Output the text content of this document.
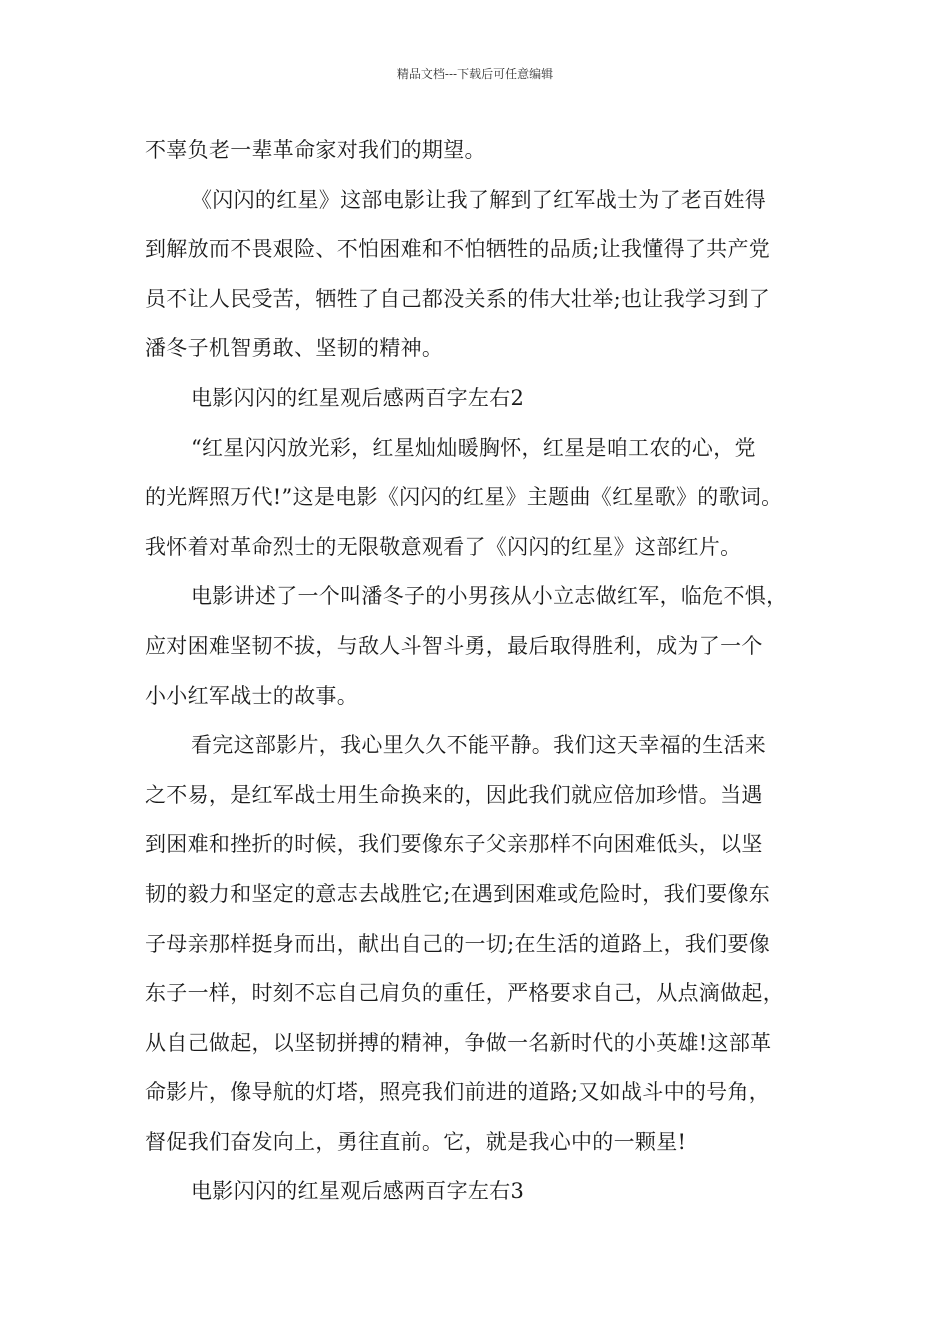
精品文档---下载后可任意编辑
不辜负老一辈革命家对我们的期望。
《闪闪的红星》这部电影让我了解到了红军战士为了老百姓得
到解放而不畏艰险、不怕困难和不怕牺牲的品质;让我懂得了共产党
员不让人民受苦，牺牲了自己都没关系的伟大壮举;也让我学习到了
潘冬子机智勇敢、坚韧的精神。
电影闪闪的红星观后感两百字左右2
“红星闪闪放光彩，红星灿灿暖胸怀，红星是咱工农的心，党
的光辉照万代!”这是电影《闪闪的红星》主题曲《红星歌》的歌词。
我怀着对革命烈士的无限敬意观看了《闪闪的红星》这部红片。
电影讲述了一个叫潘冬子的小男孩从小立志做红军，临危不惧，
应对困难坚韧不拔，与敌人斗智斗勇，最后取得胜利，成为了一个
小小红军战士的故事。
看完这部影片，我心里久久不能平静。我们这天幸福的生活来
之不易，是红军战士用生命换来的，因此我们就应倍加珍惜。当遇
到困难和挫折的时候，我们要像东子父亲那样不向困难低头，以坚
韧的毅力和坚定的意志去战胜它;在遇到困难或危险时，我们要像东
子母亲那样挺身而出，献出自己的一切;在生活的道路上，我们要像
东子一样，时刻不忘自己肩负的重任，严格要求自己，从点滴做起，
从自己做起，以坚韧拼搏的精神，争做一名新时代的小英雄!这部革
命影片，像导航的灯塔，照亮我们前进的道路;又如战斗中的号角，
督促我们奋发向上，勇往直前。它，就是我心中的一颗星!
电影闪闪的红星观后感两百字左右3
